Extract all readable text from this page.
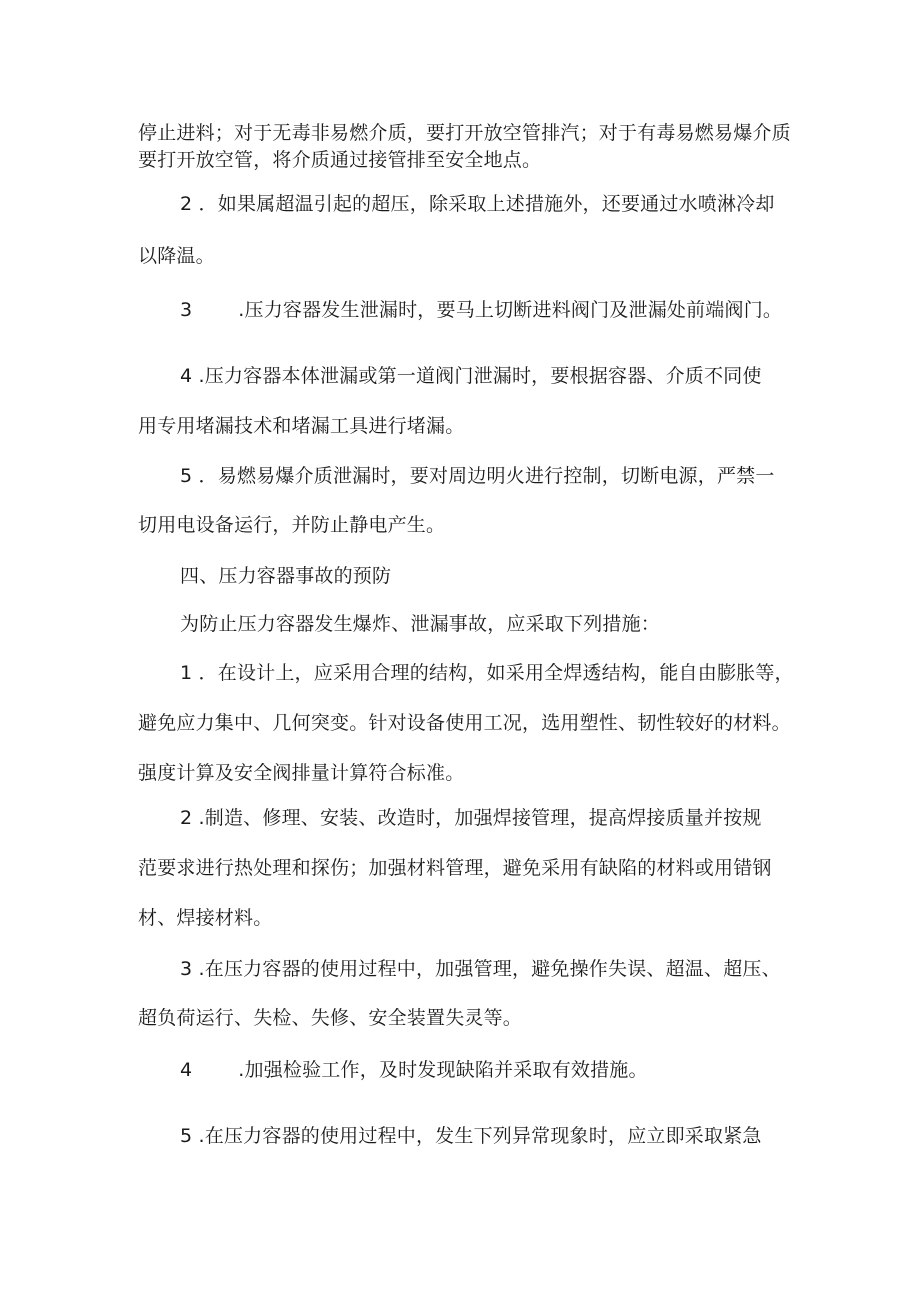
停止进料；对于无毒非易燃介质，要打开放空管排汽；对于有毒易燃易爆介质
要打开放空管，将介质通过接管排至安全地点。
2 ．如果属超温引起的超压，除采取上述措施外，还要通过水喷淋冷却
以降温。
3 .压力容器发生泄漏时，要马上切断进料阀门及泄漏处前端阀门。
4 .压力容器本体泄漏或第一道阀门泄漏时，要根据容器、介质不同使
用专用堵漏技术和堵漏工具进行堵漏。
5 ．易燃易爆介质泄漏时，要对周边明火进行控制，切断电源，严禁一
切用电设备运行，并防止静电产生。
四、压力容器事故的预防
为防止压力容器发生爆炸、泄漏事故，应采取下列措施：
1 ．在设计上，应采用合理的结构，如采用全焊透结构，能自由膨胀等，
避免应力集中、几何突变。针对设备使用工况，选用塑性、韧性较好的材料。
强度计算及安全阀排量计算符合标准。
2 .制造、修理、安装、改造时，加强焊接管理，提高焊接质量并按规
范要求进行热处理和探伤；加强材料管理，避免采用有缺陷的材料或用错钢
材、焊接材料。
3 .在压力容器的使用过程中，加强管理，避免操作失误、超温、超压、
超负荷运行、失检、失修、安全装置失灵等。
4 .加强检验工作，及时发现缺陷并采取有效措施。
5 .在压力容器的使用过程中，发生下列异常现象时，应立即采取紧急
